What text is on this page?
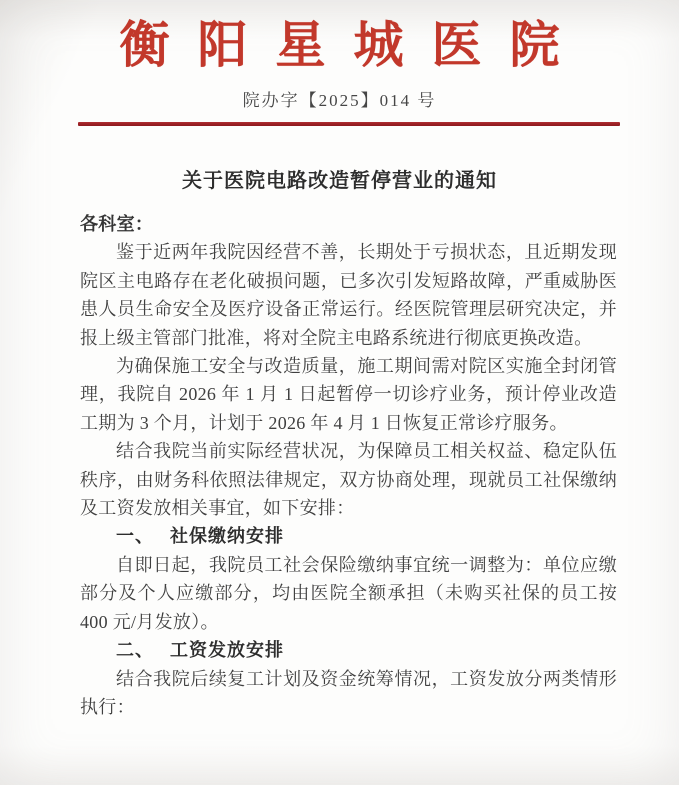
衡阳星城医院
院办字【2025】014 号
关于医院电路改造暂停营业的通知

各科室：

鉴于近两年我院因经营不善，长期处于亏损状态，且近期发现院区主电路存在老化破损问题，已多次引发短路故障，严重威胁医患人员生命安全及医疗设备正常运行。经医院管理层研究决定，并报上级主管部门批准，将对全院主电路系统进行彻底更换改造。

为确保施工安全与改造质量，施工期间需对院区实施全封闭管理，我院自 2026 年 1 月 1 日起暂停一切诊疗业务，预计停业改造工期为 3 个月，计划于 2026 年 4 月 1 日恢复正常诊疗服务。

结合我院当前实际经营状况，为保障员工相关权益、稳定队伍秩序，由财务科依照法律规定，双方协商处理，现就员工社保缴纳及工资发放相关事宜，如下安排：

一、 社保缴纳安排

自即日起，我院员工社会保险缴纳事宜统一调整为：单位应缴部分及个人应缴部分，均由医院全额承担（未购买社保的员工按 400 元/月发放）。

二、 工资发放安排

结合我院后续复工计划及资金统筹情况，工资发放分两类情形执行：
